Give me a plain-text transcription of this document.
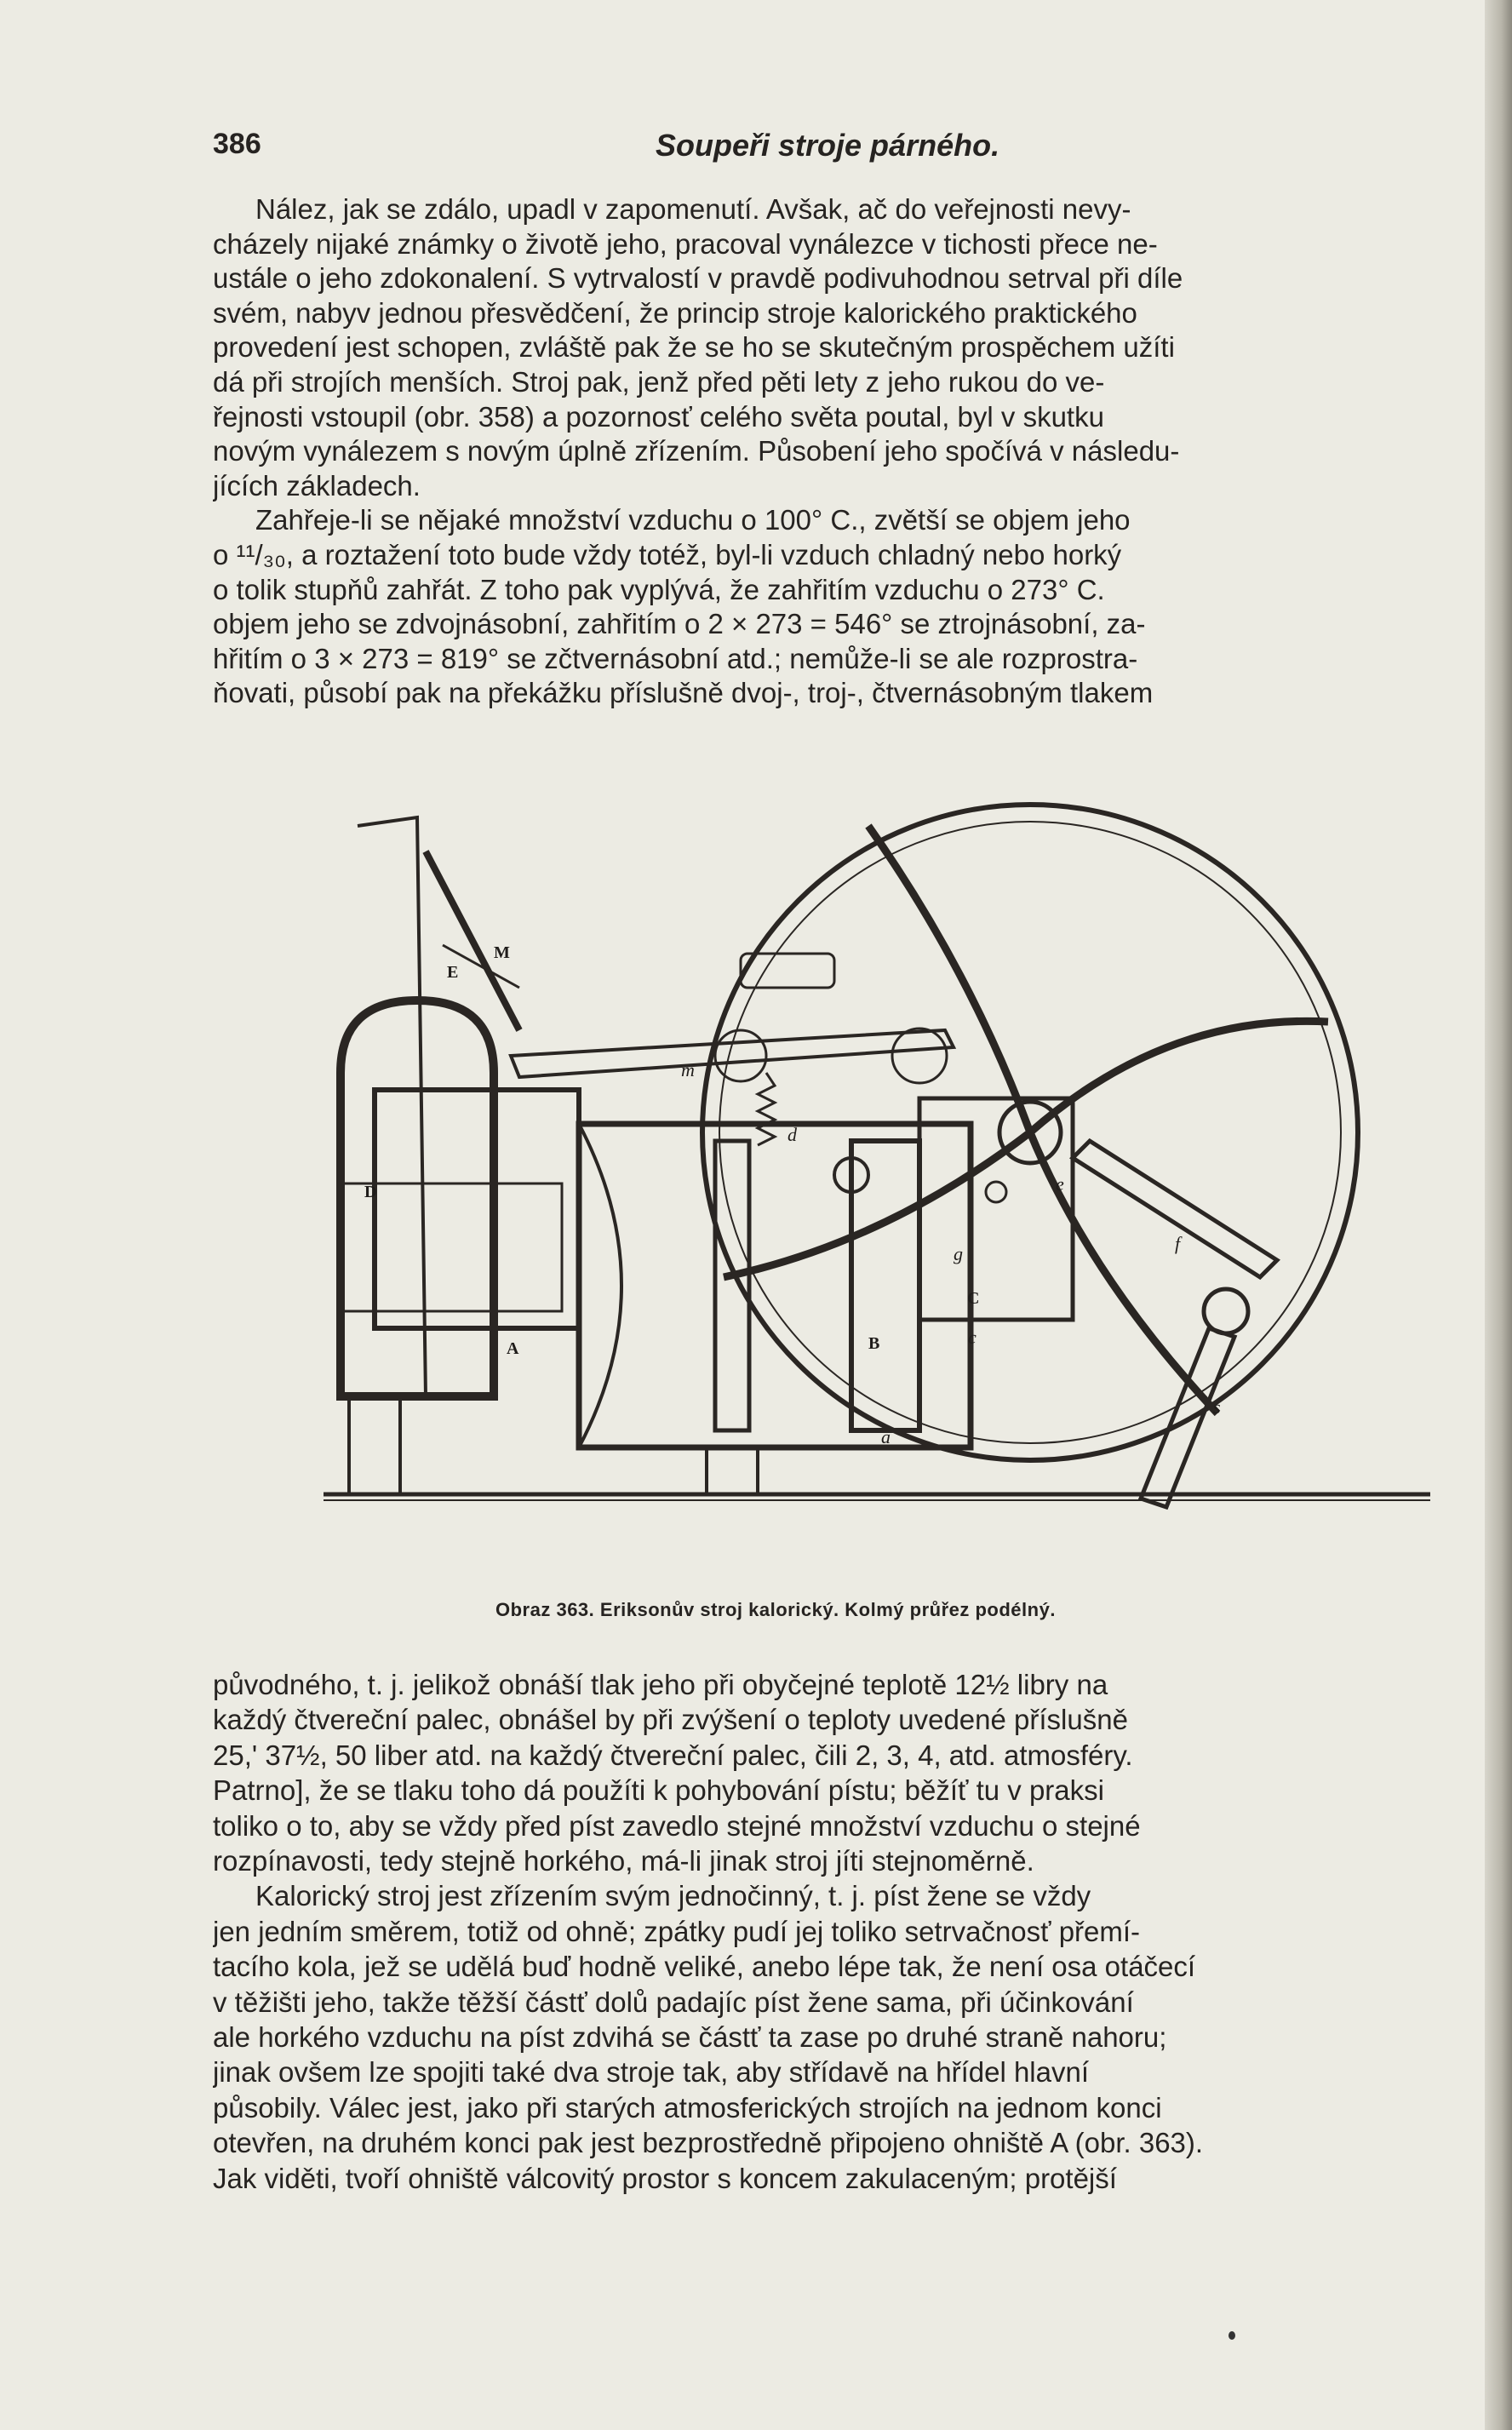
386	Soupeři stroje párného.
Nález, jak se zdálo, upadl v zapomenutí. Avšak, ač do veřejnosti nevy-
cházely nijaké známky o životě jeho, pracoval vynálezce v tichosti přece ne-
ustále o jeho zdokonalení. S vytrvalostí v pravdě podivuhodnou setrval při díle
svém, nabyv jednou přesvědčení, že princip stroje kalorického praktického
provedení jest schopen, zvláště pak že se ho se skutečným prospěchem užíti
dá při strojích menších. Stroj pak, jenž před pěti lety z jeho rukou do ve-
řejnosti vstoupil (obr. 358) a pozornosť celého světa poutal, byl v skutku
novým vynálezem s novým úplně zřízením. Působení jeho spočívá v následu-
jících základech.
Zahřeje-li se nějaké množství vzduchu o 100° C., zvětší se objem jeho
o ¹¹/₃₀, a roztažení toto bude vždy totéž, byl-li vzduch chladný nebo horký
o tolik stupňů zahřát. Z toho pak vyplývá, že zahřitím vzduchu o 273° C.
objem jeho se zdvojnásobní, zahřitím o 2 × 273 = 546° se ztrojnásobní, za-
hřitím o 3 × 273 = 819° se zčtvernásobní atd.; nemůže-li se ale rozprostra-
ňovati, působí pak na překážku příslušně dvoj-, troj-, čtvernásobným tlakem
E
M
m
d
D
A	B
g
C
c
e
f
s
a
Obraz 363. Eriksonův stroj kalorický. Kolmý průřez podélný.
původného, t. j. jelikož obnáší tlak jeho při obyčejné teplotě 12½ libry na
každý čtvereční palec, obnášel by při zvýšení o teploty uvedené příslušně
25,' 37½, 50 liber atd. na každý čtvereční palec, čili 2, 3, 4, atd. atmosféry.
Patrno], že se tlaku toho dá použíti k pohybování pístu; běžíť tu v praksi
toliko o to, aby se vždy před píst zavedlo stejné množství vzduchu o stejné
rozpínavosti, tedy stejně horkého, má-li jinak stroj jíti stejnoměrně.
Kalorický stroj jest zřízením svým jednočinný, t. j. píst žene se vždy
jen jedním směrem, totiž od ohně; zpátky pudí jej toliko setrvačnosť přemí-
tacího kola, jež se udělá buď hodně veliké, anebo lépe tak, že není osa otáčecí
v těžišti jeho, takže těžší částť dolů padajíc píst žene sama, při účinkování
ale horkého vzduchu na píst zdvihá se částť ta zase po druhé straně nahoru;
jinak ovšem lze spojiti také dva stroje tak, aby střídavě na hřídel hlavní
působily. Válec jest, jako při starých atmosferických strojích na jednom konci
otevřen, na druhém konci pak jest bezprostředně připojeno ohniště A (obr. 363).
Jak viděti, tvoří ohniště válcovitý prostor s koncem zakulaceným; protější
